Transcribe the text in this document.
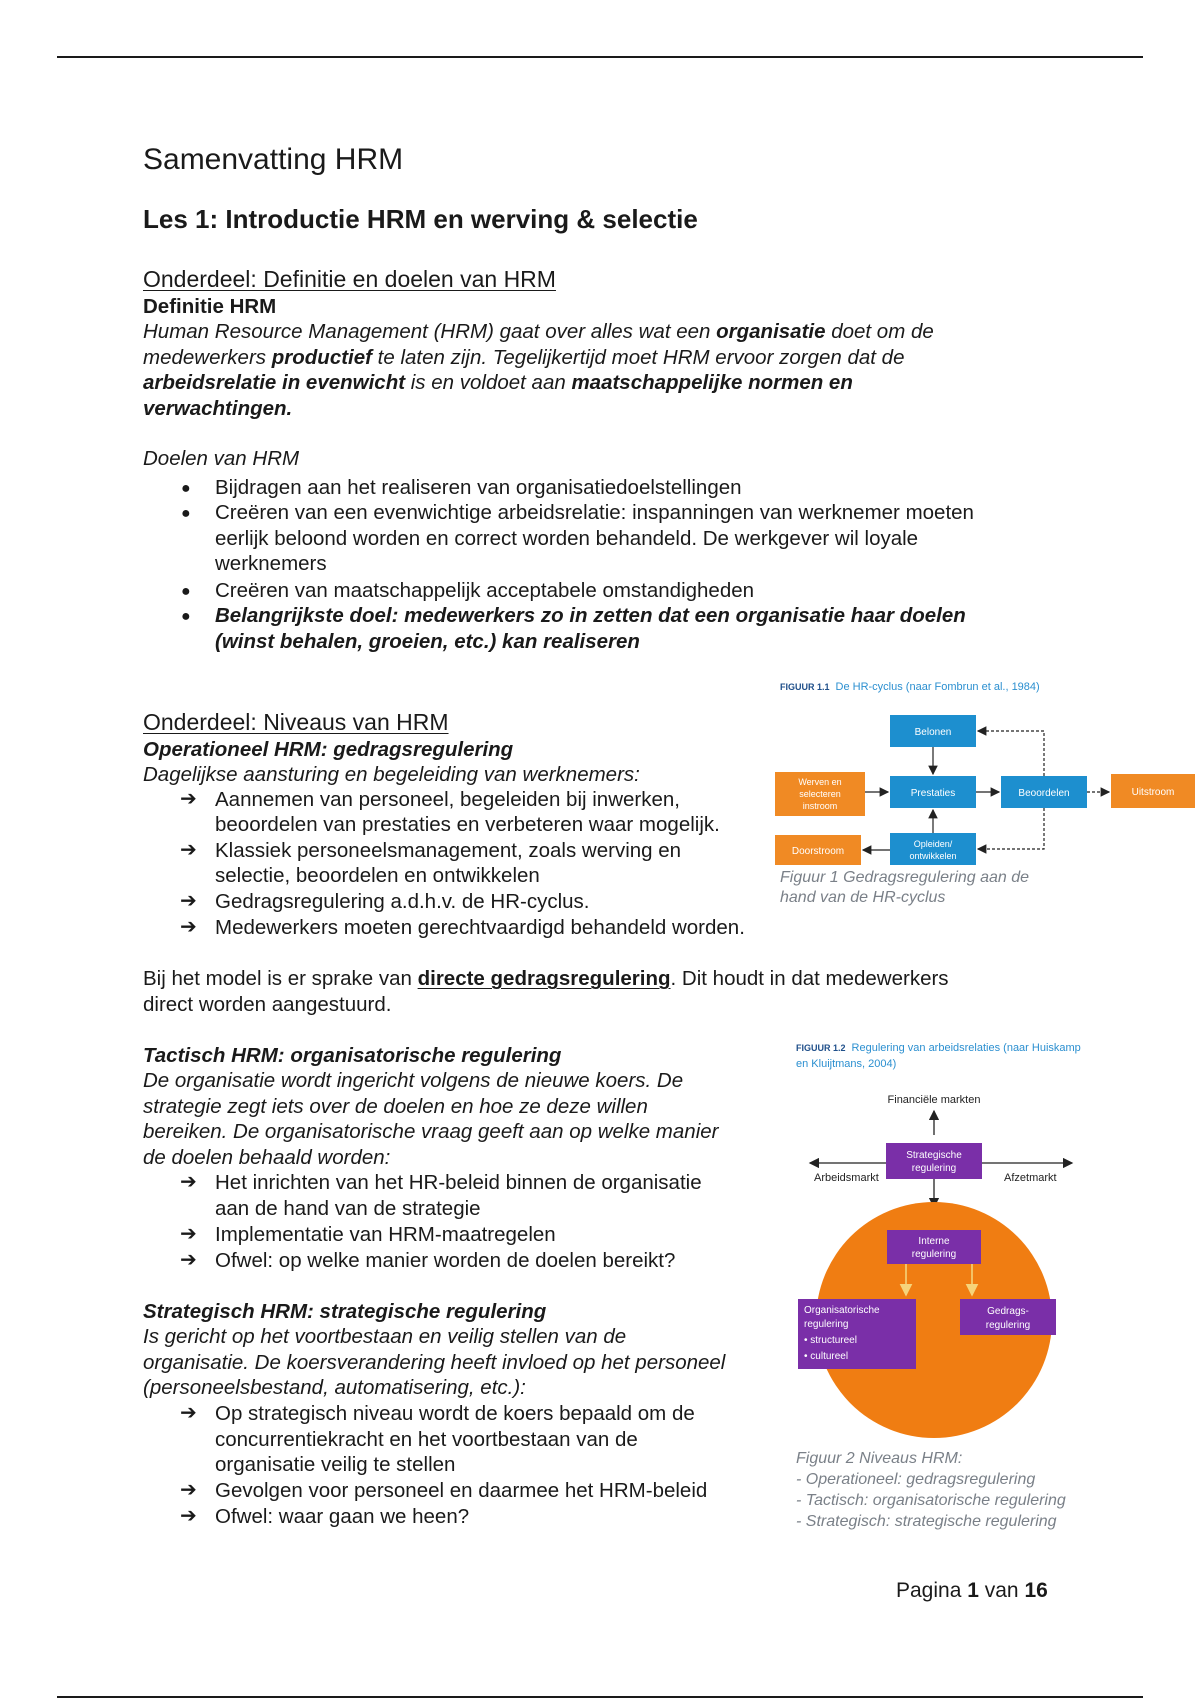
Samenvatting HRM
Les 1: Introductie HRM en werving & selectie
Onderdeel: Definitie en doelen van HRM
Definitie HRM
Human Resource Management (HRM) gaat over alles wat een organisatie doet om de
medewerkers productief te laten zijn. Tegelijkertijd moet HRM ervoor zorgen dat de
arbeidsrelatie in evenwicht is en voldoet aan maatschappelijke normen en
verwachtingen.
Doelen van HRM
● Bijdragen aan het realiseren van organisatiedoelstellingen
● Creëren van een evenwichtige arbeidsrelatie: inspanningen van werknemer moeten
eerlijk beloond worden en correct worden behandeld. De werkgever wil loyale
werknemers
● Creëren van maatschappelijk acceptabele omstandigheden
● Belangrijkste doel: medewerkers zo in zetten dat een organisatie haar doelen
(winst behalen, groeien, etc.) kan realiseren
Onderdeel: Niveaus van HRM
Operationeel HRM: gedragsregulering
Dagelijkse aansturing en begeleiding van werknemers:
➔ Aannemen van personeel, begeleiden bij inwerken,
beoordelen van prestaties en verbeteren waar mogelijk.
➔ Klassiek personeelsmanagement, zoals werving en
selectie, beoordelen en ontwikkelen
➔ Gedragsregulering a.d.h.v. de HR-cyclus.
➔ Medewerkers moeten gerechtvaardigd behandeld worden.
Bij het model is er sprake van directe gedragsregulering. Dit houdt in dat medewerkers
direct worden aangestuurd.
Tactisch HRM: organisatorische regulering
De organisatie wordt ingericht volgens de nieuwe koers. De
strategie zegt iets over de doelen en hoe ze deze willen
bereiken. De organisatorische vraag geeft aan op welke manier
de doelen behaald worden:
➔ Het inrichten van het HR-beleid binnen de organisatie
aan de hand van de strategie
➔ Implementatie van HRM-maatregelen
➔ Ofwel: op welke manier worden de doelen bereikt?
Strategisch HRM: strategische regulering
Is gericht op het voortbestaan en veilig stellen van de
organisatie. De koersverandering heeft invloed op het personeel
(personeelsbestand, automatisering, etc.):
➔ Op strategisch niveau wordt de koers bepaald om de
concurrentiekracht en het voortbestaan van de
organisatie veilig te stellen
➔ Gevolgen voor personeel en daarmee het HRM-beleid
➔ Ofwel: waar gaan we heen?
FIGUUR 1.1 De HR-cyclus (naar Fombrun et al., 1984)
Belonen
Werven en
selecteren
instroom
Prestaties	Beoordelen	Uitstroom
Doorstroom
Opleiden/
ontwikkelen
Figuur 1 Gedragsregulering aan de
hand van de HR-cyclus
FIGUUR 1.2 Regulering van arbeidsrelaties (naar Huiskamp
en Kluijtmans, 2004)
Financiële markten
Arbeidsmarkt	Afzetmarkt
Strategische
regulering
Interne
regulering
Organisatorische
regulering
• structureel
• cultureel
Gedrags-
regulering
Figuur 2 Niveaus HRM:
- Operationeel: gedragsregulering
- Tactisch: organisatorische regulering
- Strategisch: strategische regulering
Pagina 1 van 16
